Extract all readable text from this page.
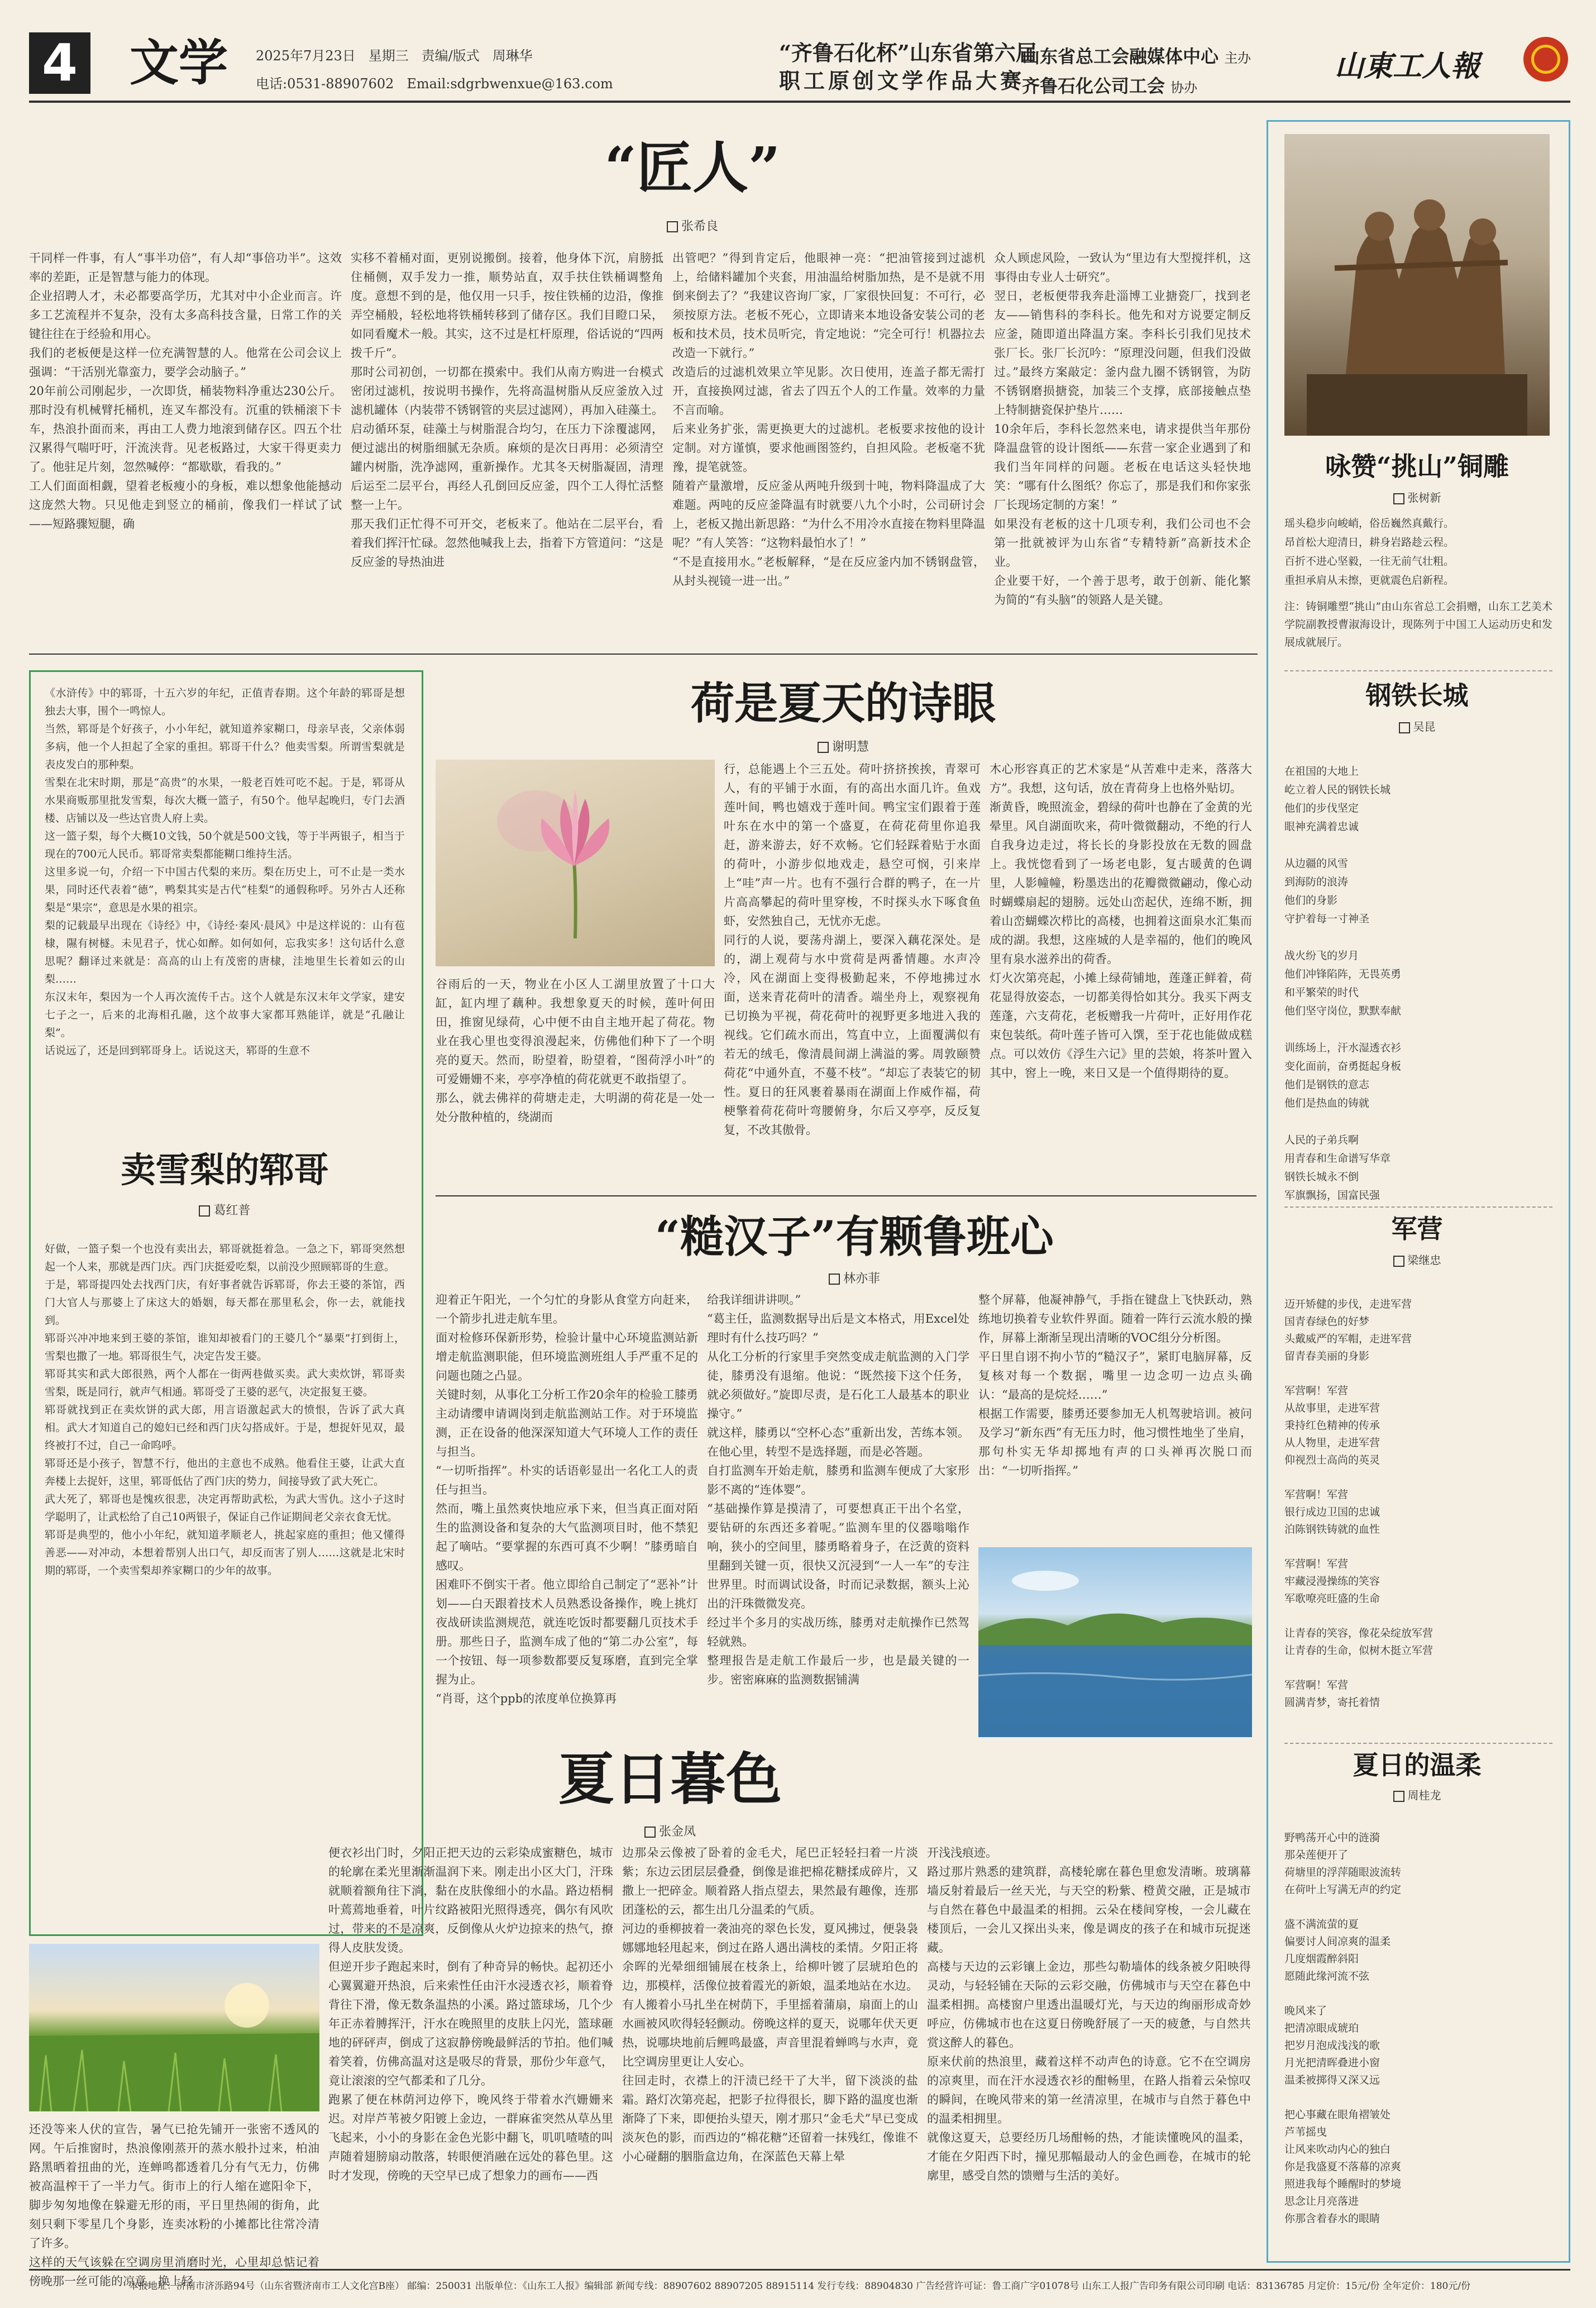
4 文学 2025年7月23日 星期三 责编/版式 周琳华
电话:0531-88907602 Email:sdgrbwenxue@163.com
“齐鲁石化杯”山东省第六届
职工原创文学作品大赛
山东省总工会融媒体中心 主办
齐鲁石化公司工会 协办
山東工人報
“匠人”
张希良
干同样一件事，有人“事半功倍”，有人却“事倍功半”。这效率的差距，正是智慧与能力的体现。
企业招聘人才，未必都要高学历，尤其对中小企业而言。许多工艺流程并不复杂，没有太多高科技含量，日常工作的关键往往在于经验和用心。
我们的老板便是这样一位充满智慧的人。他常在公司会议上强调：“干活别光靠蛮力，要学会动脑子。”
20年前公司刚起步，一次即货，桶装物料净重达230公斤。那时没有机械臂托桶机，连叉车都没有。沉重的铁桶滚下卡车，热浪扑面而来，再由工人费力地滚到储存区。四五个壮汉累得气喘吁吁，汗流浃背。见老板路过，大家干得更卖力了。他驻足片刻，忽然喊停：“都歇歇，看我的。”
工人们面面相觑，望着老板瘦小的身板，难以想象他能撼动这庞然大物。只见他走到竖立的桶前，像我们一样试了试——短路骤短腿，确
实移不着桶对面，更别说搬倒。接着，他身体下沉，肩膀抵住桶侧，双手发力一推，顺势站直，双手扶住铁桶调整角度。意想不到的是，他仅用一只手，按住铁桶的边沿，像推弄空桶般，轻松地将铁桶转移到了储存区。我们目瞪口呆，如同看魔术一般。其实，这不过是杠杆原理，俗话说的“四两拨千斤”。
那时公司初创，一切都在摸索中。我们从南方购进一台模式密闭过滤机，按说明书操作，先将高温树脂从反应釜放入过滤机罐体（内装带不锈钢管的夹层过滤网），再加入硅藻土。启动循环泵，硅藻土与树脂混合均匀，在压力下涂覆滤网，便过滤出的树脂细腻无杂质。麻烦的是次日再用：必须清空罐内树脂，洗净滤网，重新操作。尤其冬天树脂凝固，清理后运至二层平台，再经人孔倒回反应釜，四个工人得忙活整整一上午。
那天我们正忙得不可开交，老板来了。他站在二层平台，看着我们挥汗忙碌。忽然他喊我上去，指着下方管道问：“这是反应釜的导热油进
出管吧？”得到肯定后，他眼神一亮：“把油管接到过滤机上，给储料罐加个夹套，用油温给树脂加热，是不是就不用倒来倒去了？”我建议咨询厂家，厂家很快回复：不可行，必须按原方法。老板不死心，立即请来本地设备安装公司的老板和技术员，技术员听完，肯定地说：“完全可行！机器拉去改造一下就行。”
改造后的过滤机效果立竿见影。次日使用，连盖子都无需打开，直接换网过滤，省去了四五个人的工作量。效率的力量不言而喻。
后来业务扩张，需更换更大的过滤机。老板要求按他的设计定制。对方谨慎，要求他画图签约，自担风险。老板毫不犹豫，提笔就签。
随着产量激增，反应釜从两吨升级到十吨，物料降温成了大难题。两吨的反应釜降温有时就要八九个小时，公司研讨会上，老板又抛出新思路：“为什么不用冷水直接在物料里降温呢？”有人笑答：“这物料最怕水了！”
“不是直接用水。”老板解释，“是在反应釜内加不锈钢盘管，从封头视镜一进一出。”
众人顾虑风险，一致认为“里边有大型搅拌机，这事得由专业人士研究”。
翌日，老板便带我奔赴淄博工业搪瓷厂，找到老友——销售科的李科长。他先和对方说要定制反应釜，随即道出降温方案。李科长引我们见技术张厂长。张厂长沉吟：“原理没问题，但我们没做过。”最终方案敲定：釜内盘九圈不锈钢管，为防不锈钢磨损搪瓷，加装三个支撑，底部接触点垫上特制搪瓷保护垫片……
10余年后，李科长忽然来电，请求提供当年那份降温盘管的设计图纸——东营一家企业遇到了和我们当年同样的问题。老板在电话这头轻快地笑：“哪有什么图纸？你忘了，那是我们和你家张厂长现场定制的方案！”
如果没有老板的这十几项专利，我们公司也不会第一批就被评为山东省“专精特新”高新技术企业。
企业要干好，一个善于思考，敢于创新、能化繁为简的“有头脑”的领路人是关键。
《水浒传》中的郓哥，十五六岁的年纪，正值青春期。这个年龄的郓哥是想独去大事，围个一鸣惊人。
当然，郓哥是个好孩子，小小年纪，就知道养家糊口，母亲早丧，父亲体弱多病，他一个人担起了全家的重担。郓哥干什么？他卖雪梨。所谓雪梨就是表皮发白的那种梨。
雪梨在北宋时期，那是“高贵”的水果，一般老百姓可吃不起。于是，郓哥从水果商贩那里批发雪梨，每次大概一篮子，有50个。他早起晚归，专门去酒楼、店铺以及一些达官贵人府上卖。
这一篮子梨，每个大概10文钱，50个就是500文钱，等于半两银子，相当于现在的700元人民币。郓哥常卖梨都能糊口维持生活。
这里多说一句，介绍一下中国古代梨的来历。梨在历史上，可不止是一类水果，同时还代表着“德”，鸭梨其实是古代“桂梨”的通假称呼。另外古人还称梨是“果宗”，意思是水果的祖宗。
梨的记载最早出现在《诗经》中，《诗经·秦风·晨风》中是这样说的：山有苞棣，隰有树檖。未见君子，忧心如醉。如何如何，忘我实多！这句话什么意思呢？翻译过来就是：高高的山上有茂密的唐棣，洼地里生长着如云的山梨……
东汉末年，梨因为一个人再次流传千古。这个人就是东汉末年文学家，建安七子之一，后来的北海相孔融，这个故事大家都耳熟能详，就是“孔融让梨”。
话说远了，还是回到郓哥身上。话说这天，郓哥的生意不
卖雪梨的郓哥
葛红普
好做，一篮子梨一个也没有卖出去，郓哥就挺着急。一急之下，郓哥突然想起一个人来，那就是西门庆。西门庆挺爱吃梨，以前没少照顾郓哥的生意。
于是，郓哥提四处去找西门庆，有好事者就告诉郓哥，你去王婆的茶馆，西门大官人与那婆上了床这大的婚姻，每天都在那里私会，你一去，就能找到。
郓哥兴冲冲地来到王婆的茶馆，谁知却被看门的王婆几个“暴栗”打到街上，雪梨也撒了一地。郓哥很生气，决定告发王婆。
郓哥其实和武大郎很熟，两个人都在一街两巷做买卖。武大卖炊饼，郓哥卖雪梨，既是同行，就声气相通。郓哥受了王婆的恶气，决定报复王婆。
郓哥就找到正在卖炊饼的武大郎，用言语激起武大的愤恨，告诉了武大真相。武大才知道自己的媳妇已经和西门庆勾搭成奸。于是，想捉奸见双，最终被打不过，自己一命呜呼。
郓哥还是小孩子，智慧不行，他出的主意也不成熟。他看住王婆，让武大直奔楼上去捉奸，这里，郓哥低估了西门庆的势力，间接导致了武大死亡。
武大死了，郓哥也是愧疚很悲，决定再帮助武松，为武大雪仇。这小子这时学聪明了，让武松给了自己10两银子，保证自己作证期间老父亲衣食无忧。
郓哥是典型的，他小小年纪，就知道孝顺老人，挑起家庭的重担；他又懂得善恶——对冲动，本想着帮别人出口气，却反而害了别人……这就是北宋时期的郓哥，一个卖雪梨却养家糊口的少年的故事。
荷是夏天的诗眼
谢明慧
谷雨后的一天，物业在小区人工湖里放置了十口大缸，缸内埋了藕种。我想象夏天的时候，莲叶何田田，推窗见绿荷，心中便不由自主地开起了荷花。物业在我心里也变得浪漫起来，仿佛他们种下了一个明亮的夏天。然而，盼望着，盼望着，“图荷浮小叶”的可爱姗姗不来，亭亭净植的荷花就更不敢指望了。
那么，就去佛祥的荷塘走走，大明湖的荷花是一处一处分散种植的，绕湖而
行，总能遇上个三五处。荷叶挤挤挨挨，青翠可人，有的平铺于水面，有的高出水面几许。鱼戏莲叶间，鸭也嬉戏于莲叶间。鸭宝宝们跟着于莲叶东在水中的第一个盛夏，在荷花荷里你追我赶，游来游去，好不欢畅。它们轻踩着贴于水面的荷叶，小游步似地戏走，悬空可悯，引来岸上“哇”声一片。也有不强行合群的鸭子，在一片片高高攀起的荷叶里穿梭，不时探头水下啄食鱼虾，安然独自己，无忧亦无虑。
同行的人说，要荡舟湖上，要深入藕花深处。是的，湖上观荷与水中赏荷是两番情趣。水声冷冷，风在湖面上变得极勤起来，不停地拂过水面，送来青花荷叶的清香。端坐舟上，观察视角已切换为平视，荷花荷叶的视野更多地进入我的视线。它们疏水而出，笃直中立，上面覆满似有若无的绒毛，像清晨间湖上满溢的雾。周敦颐赞荷花“中通外直，不蔓不枝”。“却忘了表装它的韧性。夏日的狂风裹着暴雨在湖面上作威作福，荷梗擎着荷花荷叶弯腰俯身，尔后又亭亭，反反复复，不改其傲骨。
木心形容真正的艺术家是“从苦难中走来，落落大方”。我想，这句话，放在青荷身上也格外贴切。
渐黄昏，晚照流金，碧绿的荷叶也静在了金黄的光晕里。风自湖面吹来，荷叶微微翻动，不绝的行人自我身边走过，将长长的身影投放在无数的圆盘上。我恍惚看到了一场老电影，复古暖黄的色调里，人影幢幢，粉墨迭出的花瓣微微翩动，像心动时蝴蝶扇起的翅膀。远处山峦起伏，连绵不断，拥着山峦蝴蝶次栉比的高楼，也拥着这面泉水汇集而成的湖。我想，这座城的人是幸福的，他们的晚风里有泉水滋养出的荷香。
灯火次第亮起，小摊上绿荷铺地，莲蓬正鲜着，荷花显得放姿态，一切都美得恰如其分。我买下两支莲蓬，六支荷花，老板赠我一片荷叶，正好用作花束包装纸。荷叶莲子皆可入馔，至于花也能做成糕点。可以效仿《浮生六记》里的芸娘，将茶叶置入其中，窖上一晚，来日又是一个值得期待的夏。
“糙汉子”有颗鲁班心
林亦菲
迎着正午阳光，一个匀忙的身影从食堂方向赶来，一个箭步扎进走航车里。
面对检修环保新形势，检验计量中心环境监测站新增走航监测职能，但环境监测班组人手严重不足的问题也随之凸显。
关键时刻，从事化工分析工作20余年的检验工膝勇主动请缨申请调岗到走航监测站工作。对于环境监测，正在设备的他深深知道大气环境人工作的责任与担当。
“一切听指挥”。朴实的话语彰显出一名化工人的责任与担当。
然而，嘴上虽然爽快地应承下来，但当真正面对陌生的监测设备和复杂的大气监测项目时，他不禁犯起了嘀咕。“要掌握的东西可真不少啊！”膝勇暗自感叹。
困难吓不倒实干者。他立即给自己制定了“恶补”计划——白天跟着技术人员熟悉设备操作，晚上挑灯夜战研读监测规范，就连吃饭时都要翻几页技术手册。那些日子，监测车成了他的“第二办公室”，每一个按钮、每一项参数都要反复琢磨，直到完全掌握为止。
“肖哥，这个ppb的浓度单位换算再
给我详细讲讲呗。”
“葛主任，监测数据导出后是文本格式，用Excel处理时有什么技巧吗？”
从化工分析的行家里手突然变成走航监测的入门学徒，膝勇没有退缩。他说：“既然接下这个任务，就必须做好。”旋即尽责，是石化工人最基本的职业操守。”
就这样，膝勇以“空杯心态”重新出发，苦练本领。在他心里，转型不是选择题，而是必答题。
自打监测车开始走航，膝勇和监测车便成了大家形影不离的“连体婴”。
“基础操作算是摸清了，可要想真正干出个名堂，要钻研的东西还多着呢。”监测车里的仪器嗡嗡作响，狭小的空间里，膝勇略着身子，在泛黄的资料里翻到关键一页，很快又沉浸到“一人一车”的专注世界里。时而调试设备，时而记录数据，额头上沁出的汗珠微微发亮。
经过半个多月的实战历练，膝勇对走航操作已然驾轻就熟。
整理报告是走航工作最后一步，也是最关键的一步。密密麻麻的监测数据铺满
整个屏幕，他凝神静气，手指在键盘上飞快跃动，熟练地切换着专业软件界面。随着一阵行云流水般的操作，屏幕上渐渐呈现出清晰的VOC组分分析图。
平日里自诩不拘小节的“糙汉子”，紧盯电脑屏幕，反复核对每一个数据，嘴里一边念叨一边点头确认：“最高的是烷烃……”
根据工作需要，膝勇还要参加无人机驾驶培训。被问及学习“新东西”有无压力时，他习惯性地坐了坐肩，那句朴实无华却掷地有声的口头禅再次脱口而出：“一切听指挥。”
夏日暮色
张金凤
还没等来人伏的宣告，暑气已抢先铺开一张密不透风的网。午后推窗时，热浪像刚蒸开的蒸水般扑过来，柏油路黑晒着扭曲的光，连蝉鸣都透着几分有气无力，仿佛被高温榨干了一半力气。街市上的行人缩在遮阳伞下，脚步匆匆地像在躲避无形的雨，平日里热闹的街角，此刻只剩下零星几个身影，连卖冰粉的小摊都比往常冷清了许多。
这样的天气该躲在空调房里消磨时光，心里却总惦记着傍晚那一丝可能的凉意。换上轻
便衣衫出门时，夕阳正把天边的云彩染成蜜糖色，城市的轮廓在柔光里渐渐温润下来。刚走出小区大门，汗珠就顺着额角往下淌，黏在皮肤像细小的水晶。路边梧桐叶蔫蔫地垂着，叶片纹路被阳光照得透亮，偶尔有风吹过，带来的不是凉爽，反倒像从火炉边掠来的热气，撩得人皮肤发烫。
但逆开步子跑起来时，倒有了种奇异的畅快。起初还小心翼翼避开热浪，后来索性任由汗水浸透衣衫，顺着脊背往下滑，像无数条温热的小溪。路过篮球场，几个少年正赤着膊挥汗，汗水在晚照里的皮肤上闪光，篮球砸地的砰砰声，倒成了这寂静傍晚最鲜活的节拍。他们喊着笑着，仿佛高温对这是吸尽的背景，那份少年意气，竟让滚滚的空气都柔和了几分。
跑累了便在林荫河边停下，晚风终于带着水汽姗姗来迟。对岸芦苇被夕阳镀上金边，一群麻雀突然从草丛里飞起来，小小的身影在金色光影中翻飞，叽叽喳喳的叫声随着翅膀扇动散落，转眼便消融在远处的暮色里。这时才发现，傍晚的天空早已成了想象力的画布——西
边那朵云像被了卧着的金毛犬，尾巴正轻轻扫着一片淡紫；东边云团层层叠叠，倒像是谁把棉花糖揉成碎片，又撒上一把碎金。顺着路人指点望去，果然最有趣像，连那团蓬松的云，都生出几分温柔的气质。
河边的垂柳披着一袭油亮的翠色长发，夏风拂过，便袅袅娜娜地轻甩起来，倒过在路人遇出满枝的柔情。夕阳正将余晖的光晕细细铺展在枝条上，给柳叶镀了层琥珀色的边，那模样，活像位披着霞光的新娘，温柔地站在水边。有人搬着小马扎坐在树荫下，手里摇着蒲扇，扇面上的山水画被风吹得轻轻颤动。傍晚这样的夏天，说哪年伏天更热，说哪块地前后鲤鸣最盛，声音里混着蝉鸣与水声，竟比空调房里更让人安心。
往回走时，衣襟上的汗渍已经干了大半，留下淡淡的盐霜。路灯次第亮起，把影子拉得很长，脚下路的温度也渐渐降了下来，即便抬头望天，刚才那只“金毛犬”早已变成淡灰色的影，而西边的“棉花糖”还留着一抹残红，像谁不小心碰翻的胭脂盒边角，在深蓝色天幕上晕
开浅浅痕迹。
路过那片熟悉的建筑群，高楼轮廓在暮色里愈发清晰。玻璃幕墙反射着最后一丝天光，与天空的粉紫、橙黄交融，正是城市与自然在暮色中最温柔的相拥。云朵在楼间穿梭，一会儿藏在楼顶后，一会儿又探出头来，像是调皮的孩子在和城市玩捉迷藏。
高楼与天边的云彩镶上金边，那些勾勒墙体的线条被夕阳映得灵动，与轻轻铺在天际的云彩交融，仿佛城市与天空在暮色中温柔相拥。高楼窗户里透出温暖灯光，与天边的绚丽形成奇妙呼应，仿佛城市也在这夏日傍晚舒展了一天的疲惫，与自然共赏这醉人的暮色。
原来伏前的热浪里，藏着这样不动声色的诗意。它不在空调房的凉爽里，而在汗水浸透衣衫的酣畅里，在路人指着云朵惊叹的瞬间，在晚风带来的第一丝清凉里，在城市与自然于暮色中的温柔相拥里。
就像这夏天，总要经历几场酣畅的热，才能读懂晚风的温柔，才能在夕阳西下时，撞见那幅最动人的金色画卷，在城市的轮廓里，感受自然的馈赠与生活的美好。
咏赞“挑山”铜雕
张树新
瑶头稳步向峻峭，俗岳巍然真戴行。
昂首松大迎清日，耕身岩路趁云程。
百折不进心坚毅，一往无前气壮粗。
重担承肩从未擦，更就震色启新程。
注：铸铜雕塑“挑山”由山东省总工会捐赠，山东工艺美术学院副教授曹淑海设计，现陈列于中国工人运动历史和发展成就展厅。
钢铁长城
吴昆
在祖国的大地上
屹立着人民的钢铁长城
他们的步伐坚定
眼神充满着忠诚

从边疆的风雪
到海防的浪涛
他们的身影
守护着每一寸神圣

战火纷飞的岁月
他们冲锋陷阵，无畏英勇
和平繁荣的时代
他们坚守岗位，默默奉献

训练场上，汗水湿透衣衫
变化面前，奋勇挺起身板
他们是钢铁的意志
他们是热血的铸就

人民的子弟兵啊
用青春和生命谱写华章
钢铁长城永不倒
军旗飘扬，国富民强
军营
梁继忠
迈开矫健的步伐，走进军营
国青春绿色的好梦
头戴威严的军帽，走进军营
留青春美丽的身影

军营啊！军营
从故事里，走进军营
秉持红色精神的传承
从人物里，走进军营
仰视烈士高尚的英灵

军营啊！军营
银行成边卫国的忠诚
泊陈钢铁铸就的血性

军营啊！军营
牢藏浸漫操练的笑容
军歌嘹亮旺盛的生命

让青春的笑容，像花朵绽放军营
让青春的生命，似树木挺立军营

军营啊！军营
圆满青梦，寄托着情
夏日的温柔
周桂龙
野鸭荡开心中的涟漪
那朵莲便开了
荷塘里的浮萍随眼波流转
在荷叶上写满无声的约定

盛不满流萤的夏
偏要讨人间凉爽的温柔
几度烟霞醉斜阳
愿随此缘河流不弦

晚风来了
把清凉眼成琥珀
把岁月泡成浅浅的歌
月光把清晖叠进小窗
温柔被掷得又深又远

把心事藏在眼角褶皱处
芦苇摇曳
让风来吹动内心的独白
你是我盛夏不落幕的凉爽
照进我每个睡醒时的梦境
思念让月亮落进
你那含着春水的眼睛
本报地址：济南市济泺路94号（山东省暨济南市工人文化宫B座） 邮编：250031 出版单位：《山东工人报》编辑部 新闻专线：88907602 88907205 88915114 发行专线：88904830 广告经营许可证：鲁工商广字01078号 山东工人报广告印务有限公司印刷 电话：83136785 月定价：15元/份 全年定价：180元/份
